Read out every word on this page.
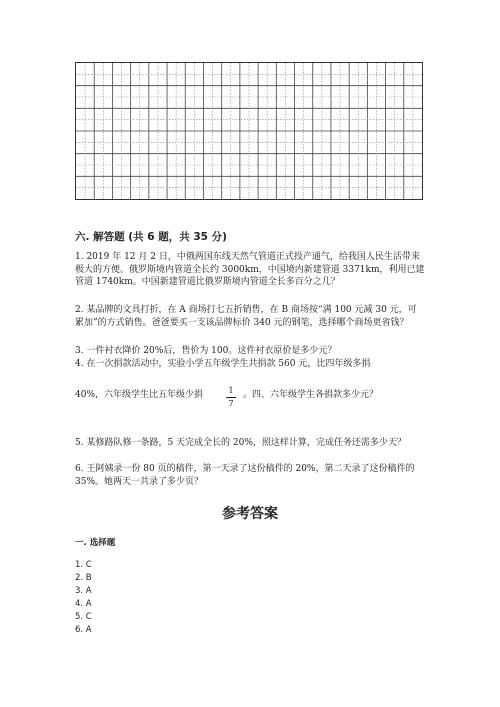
六. 解答题 (共 6 题，共 35 分)
1. 2019 年 12 月 2 日，中俄两国东线天然气管道正式投产通气，给我国人民生活带来极大的方便。俄罗斯境内管道全长约 3000km，中国境内新建管道 3371km，利用已建管道 1740km。中国新建管道比俄罗斯境内管道全长多百分之几？
2. 某品牌的文具打折，在 A 商场打七五折销售，在 B 商场按“满 100 元减 30 元，可累加”的方式销售。爸爸要买一支该品牌标价 340 元的钢笔，选择哪个商场更省钱？
3. 一件衬衣降价 20%后，售价为 100。这件衬衣原价是多少元？
4. 在一次捐款活动中，实验小学五年级学生共捐款 560 元，比四年级多捐
40%，六年级学生比五年级少捐	1
7
。四、六年级学生各捐款多少元？
5. 某修路队修一条路，5 天完成全长的 20%，照这样计算，完成任务还需多少天？
6. 王阿姨录一份 80 页的稿件，第一天录了这份稿件的 20%，第二天录了这份稿件的 35%。她两天一共录了多少页？
参考答案
一. 选择题
1. C
2. B
3. A
4. A
5. C
6. A
